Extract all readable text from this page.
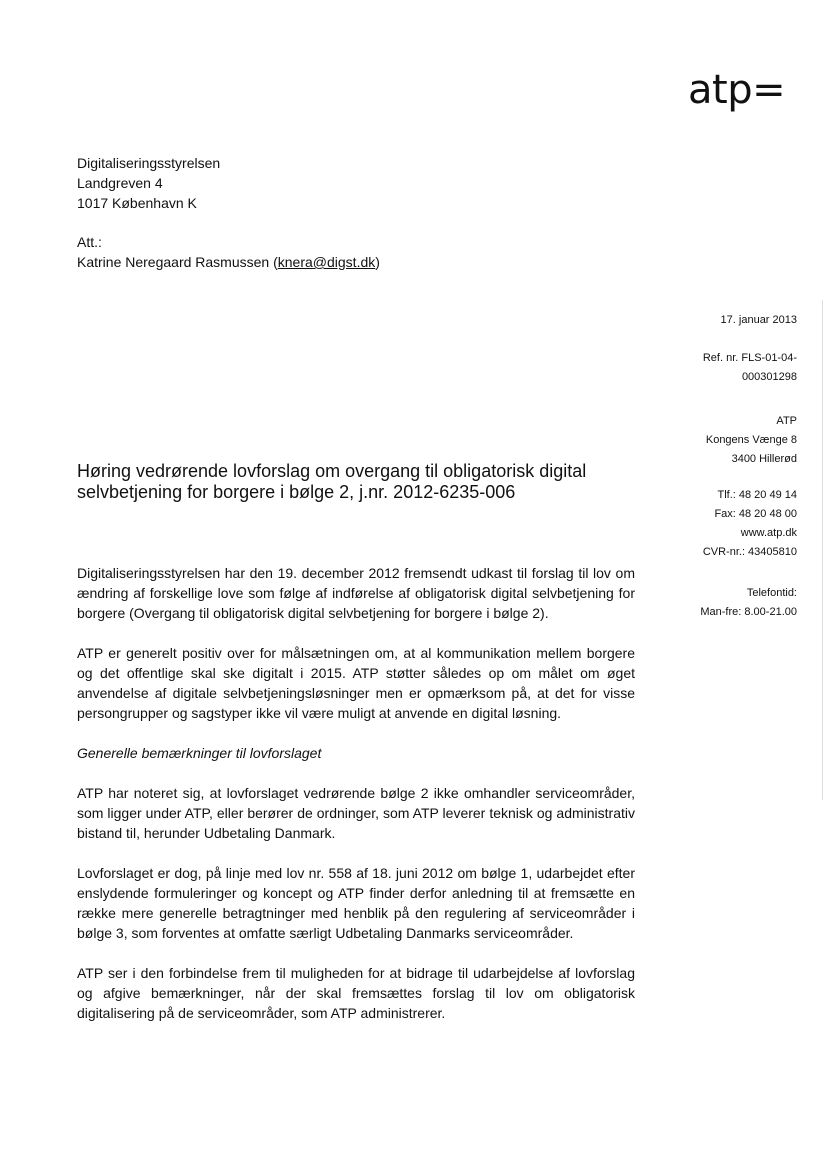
atp=
Digitaliseringsstyrelsen
Landgreven 4
1017 København K
Att.:
Katrine Neregaard Rasmussen (knera@digst.dk)
17. januar 2013
Ref. nr. FLS-01-04-
000301298
ATP
Kongens Vænge 8
3400 Hillerød
Tlf.: 48 20 49 14
Fax: 48 20 48 00
www.atp.dk
CVR-nr.: 43405810
Telefontid:
Man-fre: 8.00-21.00
Høring vedrørende lovforslag om overgang til obligatorisk digital
selvbetjening for borgere i bølge 2, j.nr. 2012-6235-006

Digitaliseringsstyrelsen har den 19. december 2012 fremsendt udkast til forslag til lov om ændring af forskellige love som følge af indførelse af obligatorisk digital selvbetjening for borgere (Overgang til obligatorisk digital selvbetjening for borgere i bølge 2).

ATP er generelt positiv over for målsætningen om, at al kommunikation mellem borgere og det offentlige skal ske digitalt i 2015. ATP støtter således op om målet om øget anvendelse af digitale selvbetjeningsløsninger men er opmærksom på, at det for visse persongrupper og sagstyper ikke vil være muligt at anvende en digital løsning.

Generelle bemærkninger til lovforslaget

ATP har noteret sig, at lovforslaget vedrørende bølge 2 ikke omhandler serviceområder, som ligger under ATP, eller berører de ordninger, som ATP leverer teknisk og administrativ bistand til, herunder Udbetaling Danmark.

Lovforslaget er dog, på linje med lov nr. 558 af 18. juni 2012 om bølge 1, udarbejdet efter enslydende formuleringer og koncept og ATP finder derfor anledning til at fremsætte en række mere generelle betragtninger med henblik på den regulering af serviceområder i bølge 3, som forventes at omfatte særligt Udbetaling Danmarks serviceområder.

ATP ser i den forbindelse frem til muligheden for at bidrage til udarbejdelse af lovforslag og afgive bemærkninger, når der skal fremsættes forslag til lov om obligatorisk digitalisering på de serviceområder, som ATP administrerer.
